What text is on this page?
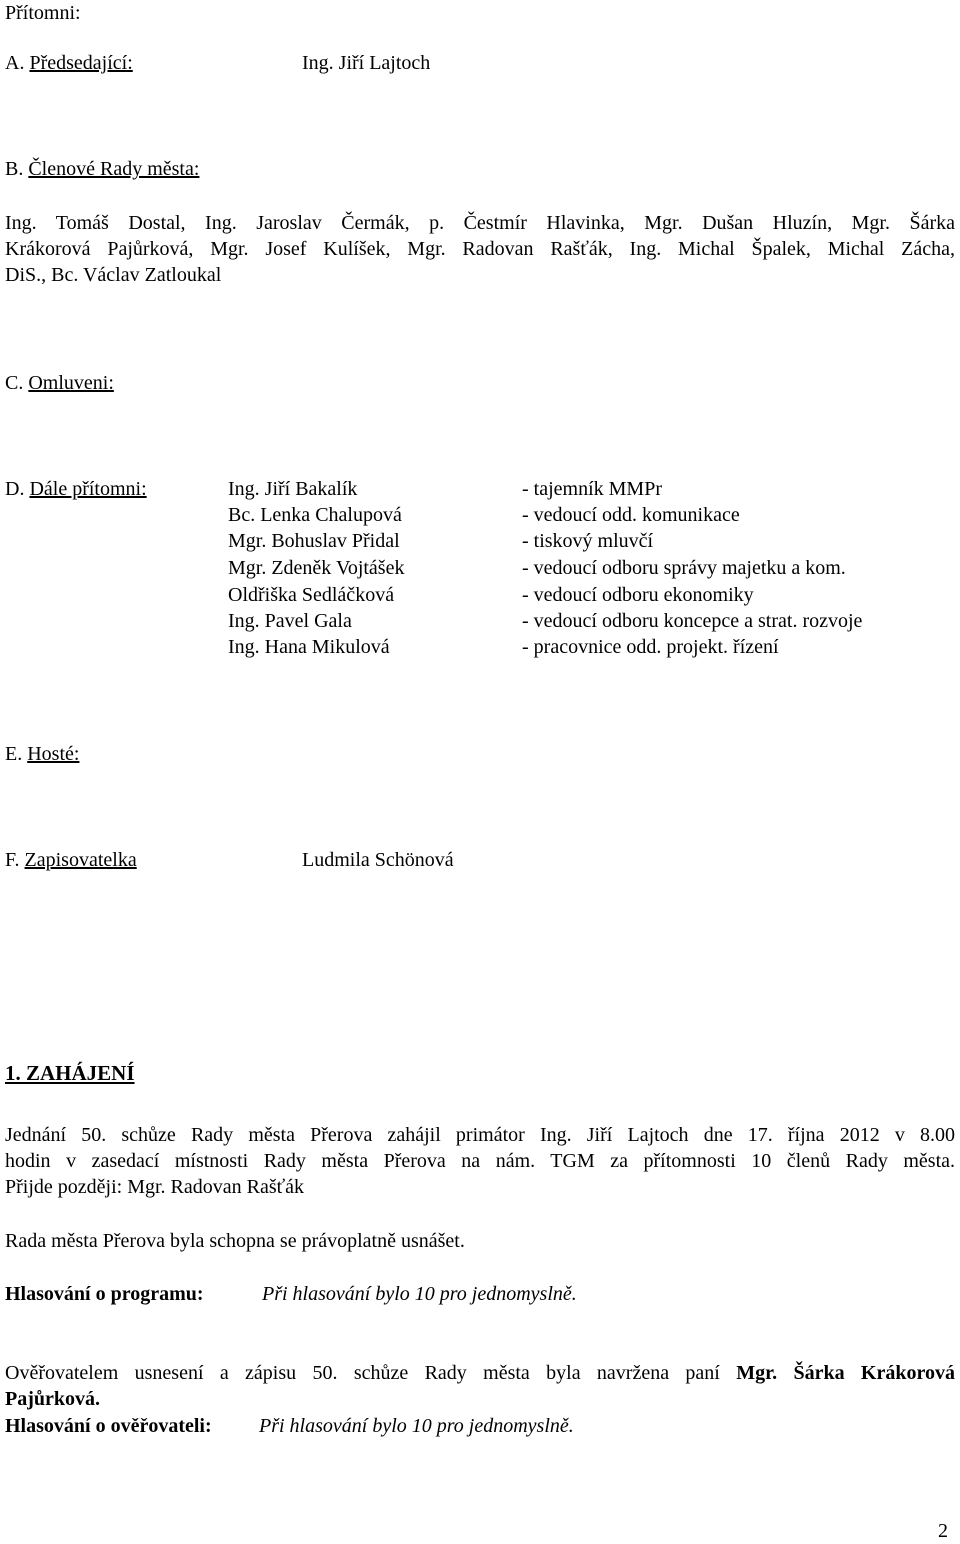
Přítomni:
A. Předsedající:	Ing. Jiří Lajtoch
B. Členové Rady města:
Ing. Tomáš Dostal, Ing. Jaroslav Čermák, p. Čestmír Hlavinka, Mgr. Dušan Hluzín, Mgr. Šárka
Krákorová Pajůrková, Mgr. Josef Kulíšek, Mgr. Radovan Rašťák, Ing. Michal Špalek, Michal Zácha,
DiS., Bc. Václav Zatloukal
C. Omluveni:
D. Dále přítomni:	Ing. Jiří Bakalík	- tajemník MMPr
Bc. Lenka Chalupová	- vedoucí odd. komunikace
Mgr. Bohuslav Přidal	- tiskový mluvčí
Mgr. Zdeněk Vojtášek	- vedoucí odboru správy majetku a kom.
Oldřiška Sedláčková	- vedoucí odboru ekonomiky
Ing. Pavel Gala	- vedoucí odboru koncepce a strat. rozvoje
Ing. Hana Mikulová	- pracovnice odd. projekt. řízení
E. Hosté:
F. Zapisovatelka	Ludmila Schönová
1. ZAHÁJENÍ
Jednání 50. schůze Rady města Přerova zahájil primátor Ing. Jiří Lajtoch dne 17. října 2012 v 8.00
hodin v zasedací místnosti Rady města Přerova na nám. TGM za přítomnosti 10 členů Rady města.
Přijde později: Mgr. Radovan Rašťák
Rada města Přerova byla schopna se právoplatně usnášet.
Hlasování o programu:	Při hlasování bylo 10 pro jednomyslně.
Ověřovatelem usnesení a zápisu 50. schůze Rady města byla navržena paní Mgr. Šárka Krákorová
Pajůrková.
Hlasování o ověřovateli: Při hlasování bylo 10 pro jednomyslně.
2
